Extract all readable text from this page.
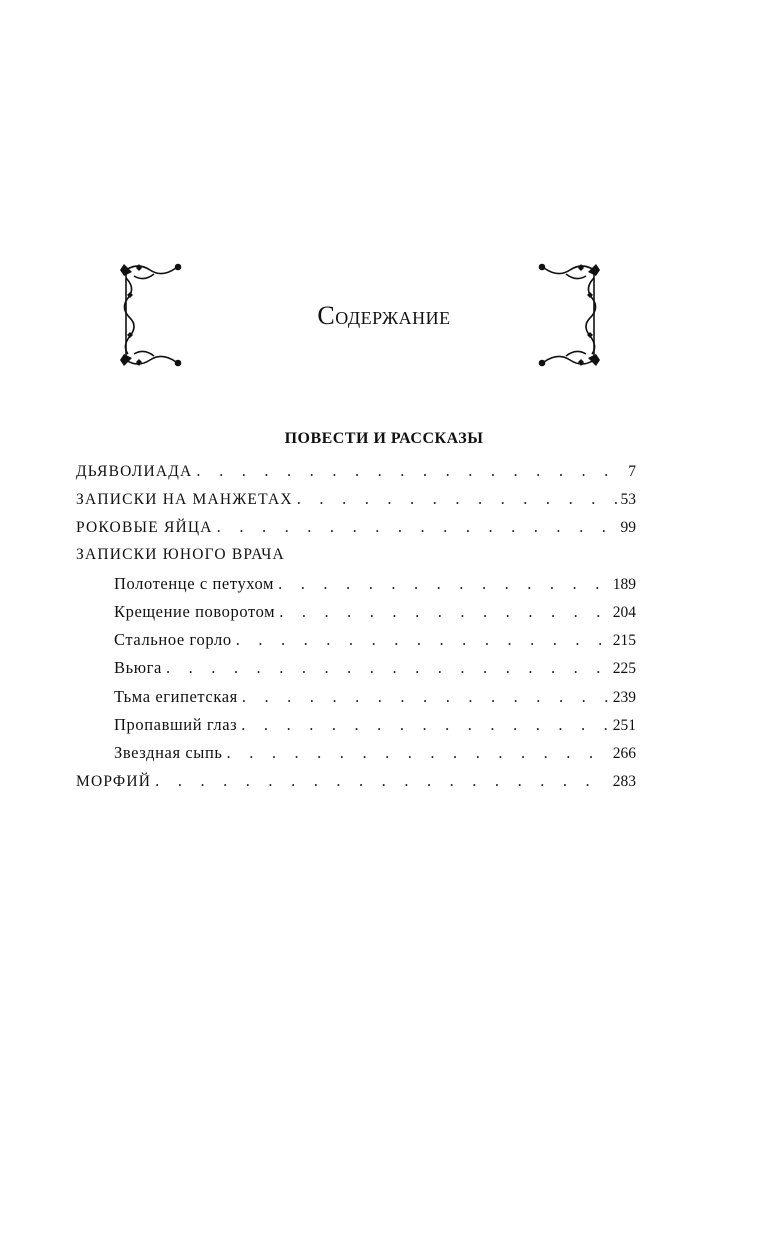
Содержание
ПОВЕСТИ И РАССКАЗЫ
ДЬЯВОЛИАДА . . .	7
ЗАПИСКИ НА МАНЖЕТАХ . . .	53
РОКОВЫЕ ЯЙЦА . . .	99
ЗАПИСКИ ЮНОГО ВРАЧА
Полотенце с петухом . . .	189
Крещение поворотом . . .	204
Стальное горло . . .	215
Вьюга . . .	225
Тьма египетская . . .	239
Пропавший глаз . . .	251
Звездная сыпь . . .	266
МОРФИЙ . . .	283
